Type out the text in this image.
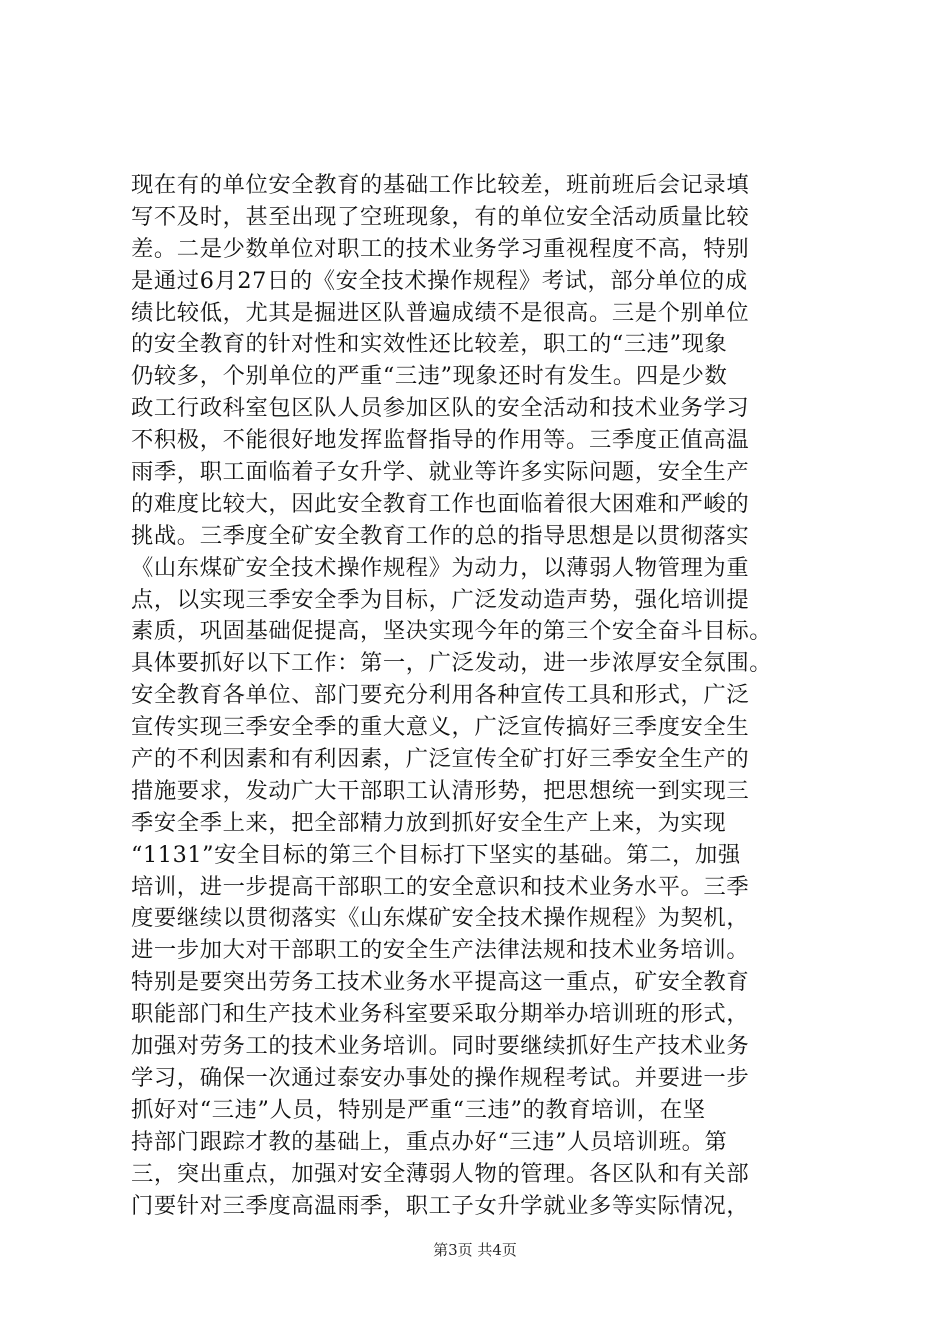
现在有的单位安全教育的基础工作比较差，班前班后会记录填
写不及时，甚至出现了空班现象，有的单位安全活动质量比较
差。二是少数单位对职工的技术业务学习重视程度不高，特别
是通过6月27日的《安全技术操作规程》考试，部分单位的成
绩比较低，尤其是掘进区队普遍成绩不是很高。三是个别单位
的安全教育的针对性和实效性还比较差，职工的“三违”现象
仍较多，个别单位的严重“三违”现象还时有发生。四是少数
政工行政科室包区队人员参加区队的安全活动和技术业务学习
不积极，不能很好地发挥监督指导的作用等。三季度正值高温
雨季，职工面临着子女升学、就业等许多实际问题，安全生产
的难度比较大，因此安全教育工作也面临着很大困难和严峻的
挑战。三季度全矿安全教育工作的总的指导思想是以贯彻落实
《山东煤矿安全技术操作规程》为动力，以薄弱人物管理为重
点，以实现三季安全季为目标，广泛发动造声势，强化培训提
素质，巩固基础促提高，坚决实现今年的第三个安全奋斗目标。
具体要抓好以下工作：第一，广泛发动，进一步浓厚安全氛围。
安全教育各单位、部门要充分利用各种宣传工具和形式，广泛
宣传实现三季安全季的重大意义，广泛宣传搞好三季度安全生
产的不利因素和有利因素，广泛宣传全矿打好三季安全生产的
措施要求，发动广大干部职工认清形势，把思想统一到实现三
季安全季上来，把全部精力放到抓好安全生产上来，为实现
“1131”安全目标的第三个目标打下坚实的基础。第二，加强
培训，进一步提高干部职工的安全意识和技术业务水平。三季
度要继续以贯彻落实《山东煤矿安全技术操作规程》为契机，
进一步加大对干部职工的安全生产法律法规和技术业务培训。
特别是要突出劳务工技术业务水平提高这一重点，矿安全教育
职能部门和生产技术业务科室要采取分期举办培训班的形式，
加强对劳务工的技术业务培训。同时要继续抓好生产技术业务
学习，确保一次通过泰安办事处的操作规程考试。并要进一步
抓好对“三违”人员，特别是严重“三违”的教育培训，在坚
持部门跟踪才教的基础上，重点办好“三违”人员培训班。第
三，突出重点，加强对安全薄弱人物的管理。各区队和有关部
门要针对三季度高温雨季，职工子女升学就业多等实际情况，
第3页 共4页
